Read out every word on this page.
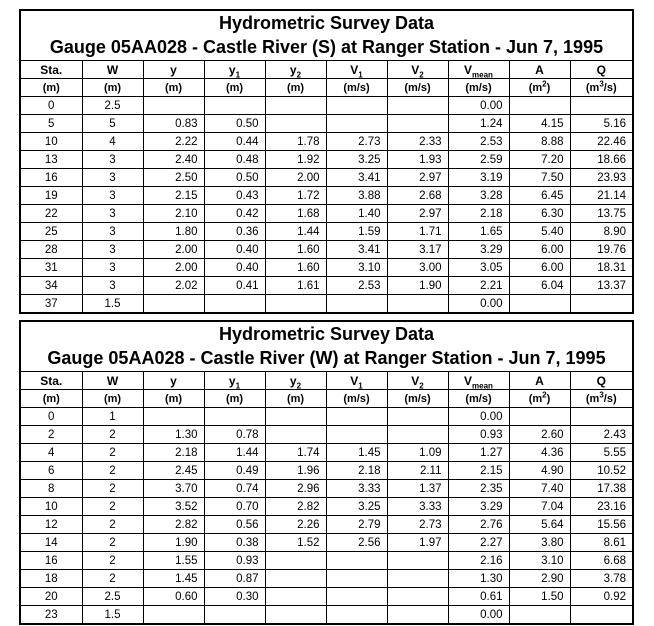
Hydrometric Survey Data
Gauge 05AA028 - Castle River (S) at Ranger Station - Jun 7, 1995
Sta.	W	y	$y_1$	$y_2$	$V_1$	$V_2$	$V_{mean}$	A	Q
(m)	(m)	(m)	(m)	(m)	(m/s)	(m/s)	(m/s)	$(m^2)$	$(m^3/s)$
0	2.5						0.00		
5	5	0.83	0.50				1.24	4.15	5.16
10	4	2.22	0.44	1.78	2.73	2.33	2.53	8.88	22.46
13	3	2.40	0.48	1.92	3.25	1.93	2.59	7.20	18.66
16	3	2.50	0.50	2.00	3.41	2.97	3.19	7.50	23.93
19	3	2.15	0.43	1.72	3.88	2.68	3.28	6.45	21.14
22	3	2.10	0.42	1.68	1.40	2.97	2.18	6.30	13.75
25	3	1.80	0.36	1.44	1.59	1.71	1.65	5.40	8.90
28	3	2.00	0.40	1.60	3.41	3.17	3.29	6.00	19.76
31	3	2.00	0.40	1.60	3.10	3.00	3.05	6.00	18.31
34	3	2.02	0.41	1.61	2.53	1.90	2.21	6.04	13.37
37	1.5						0.00		
Hydrometric Survey Data
Gauge 05AA028 - Castle River (W) at Ranger Station - Jun 7, 1995
Sta.	W	y	$y_1$	$y_2$	$V_1$	$V_2$	$V_{mean}$	A	Q
(m)	(m)	(m)	(m)	(m)	(m/s)	(m/s)	(m/s)	$(m^2)$	$(m^3/s)$
0	1						0.00		
2	2	1.30	0.78				0.93	2.60	2.43
4	2	2.18	1.44	1.74	1.45	1.09	1.27	4.36	5.55
6	2	2.45	0.49	1.96	2.18	2.11	2.15	4.90	10.52
8	2	3.70	0.74	2.96	3.33	1.37	2.35	7.40	17.38
10	2	3.52	0.70	2.82	3.25	3.33	3.29	7.04	23.16
12	2	2.82	0.56	2.26	2.79	2.73	2.76	5.64	15.56
14	2	1.90	0.38	1.52	2.56	1.97	2.27	3.80	8.61
16	2	1.55	0.93				2.16	3.10	6.68
18	2	1.45	0.87				1.30	2.90	3.78
20	2.5	0.60	0.30				0.61	1.50	0.92
23	1.5						0.00		
